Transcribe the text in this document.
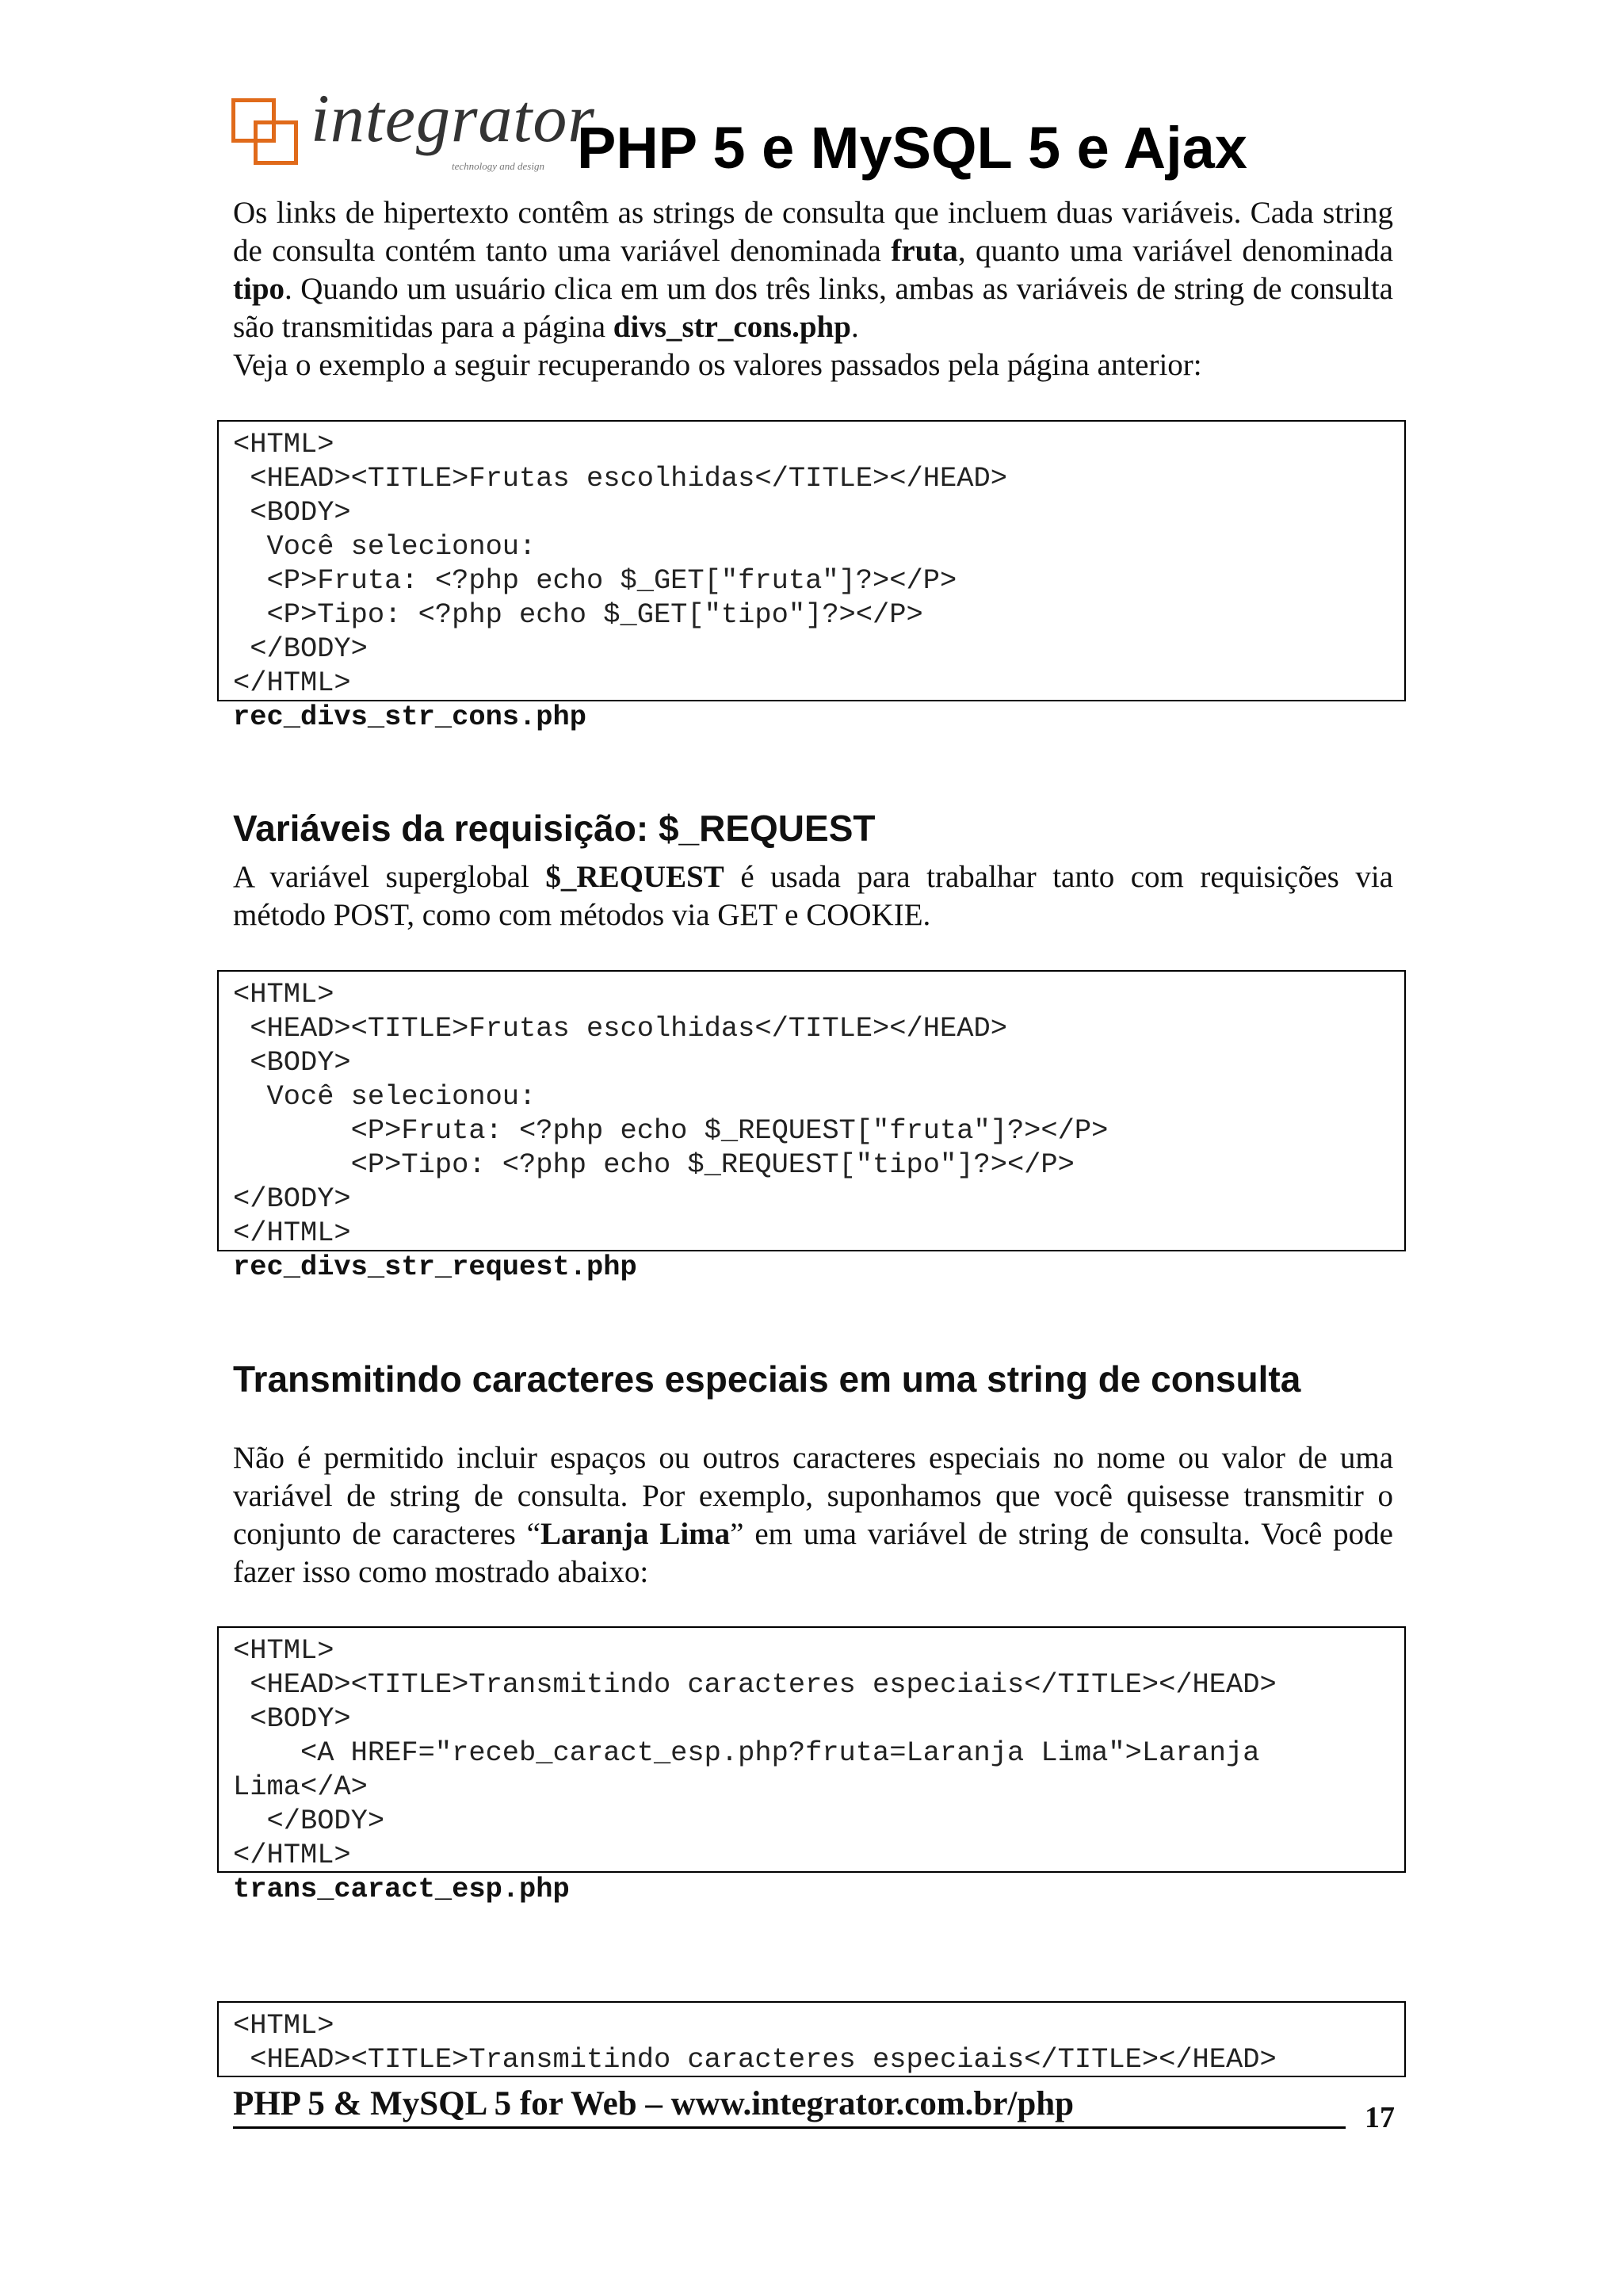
integrator
technology and design PHP 5 e MySQL 5 e Ajax
Os links de hipertexto contêm as strings de consulta que incluem duas variáveis. Cada string de consulta contém tanto uma variável denominada fruta, quanto uma variável denominada tipo. Quando um usuário clica em um dos três links, ambas as variáveis de string de consulta são transmitidas para a página divs_str_cons.php.
Veja o exemplo a seguir recuperando os valores passados pela página anterior:
<HTML>
<HEAD><TITLE>Frutas escolhidas</TITLE></HEAD>
<BODY>
Você selecionou:
<P>Fruta: <?php echo $_GET["fruta"]?></P>
<P>Tipo: <?php echo $_GET["tipo"]?></P>
</BODY>
</HTML>
rec_divs_str_cons.php
Variáveis da requisição: $_REQUEST
A variável superglobal $_REQUEST é usada para trabalhar tanto com requisições via método POST, como com métodos via GET e COOKIE.
<HTML>
<HEAD><TITLE>Frutas escolhidas</TITLE></HEAD>
<BODY>
Você selecionou:
<P>Fruta: <?php echo $_REQUEST["fruta"]?></P>
<P>Tipo: <?php echo $_REQUEST["tipo"]?></P>
</BODY>
</HTML>
rec_divs_str_request.php
Transmitindo caracteres especiais em uma string de consulta
Não é permitido incluir espaços ou outros caracteres especiais no nome ou valor de uma variável de string de consulta. Por exemplo, suponhamos que você quisesse transmitir o conjunto de caracteres “Laranja Lima” em uma variável de string de consulta. Você pode fazer isso como mostrado abaixo:
<HTML>
<HEAD><TITLE>Transmitindo caracteres especiais</TITLE></HEAD>
<BODY>
<A HREF="receb_caract_esp.php?fruta=Laranja Lima">Laranja
Lima</A>
</BODY>
</HTML>
trans_caract_esp.php
<HTML>
<HEAD><TITLE>Transmitindo caracteres especiais</TITLE></HEAD>
PHP 5 & MySQL 5 for Web – www.integrator.com.br/php	17
